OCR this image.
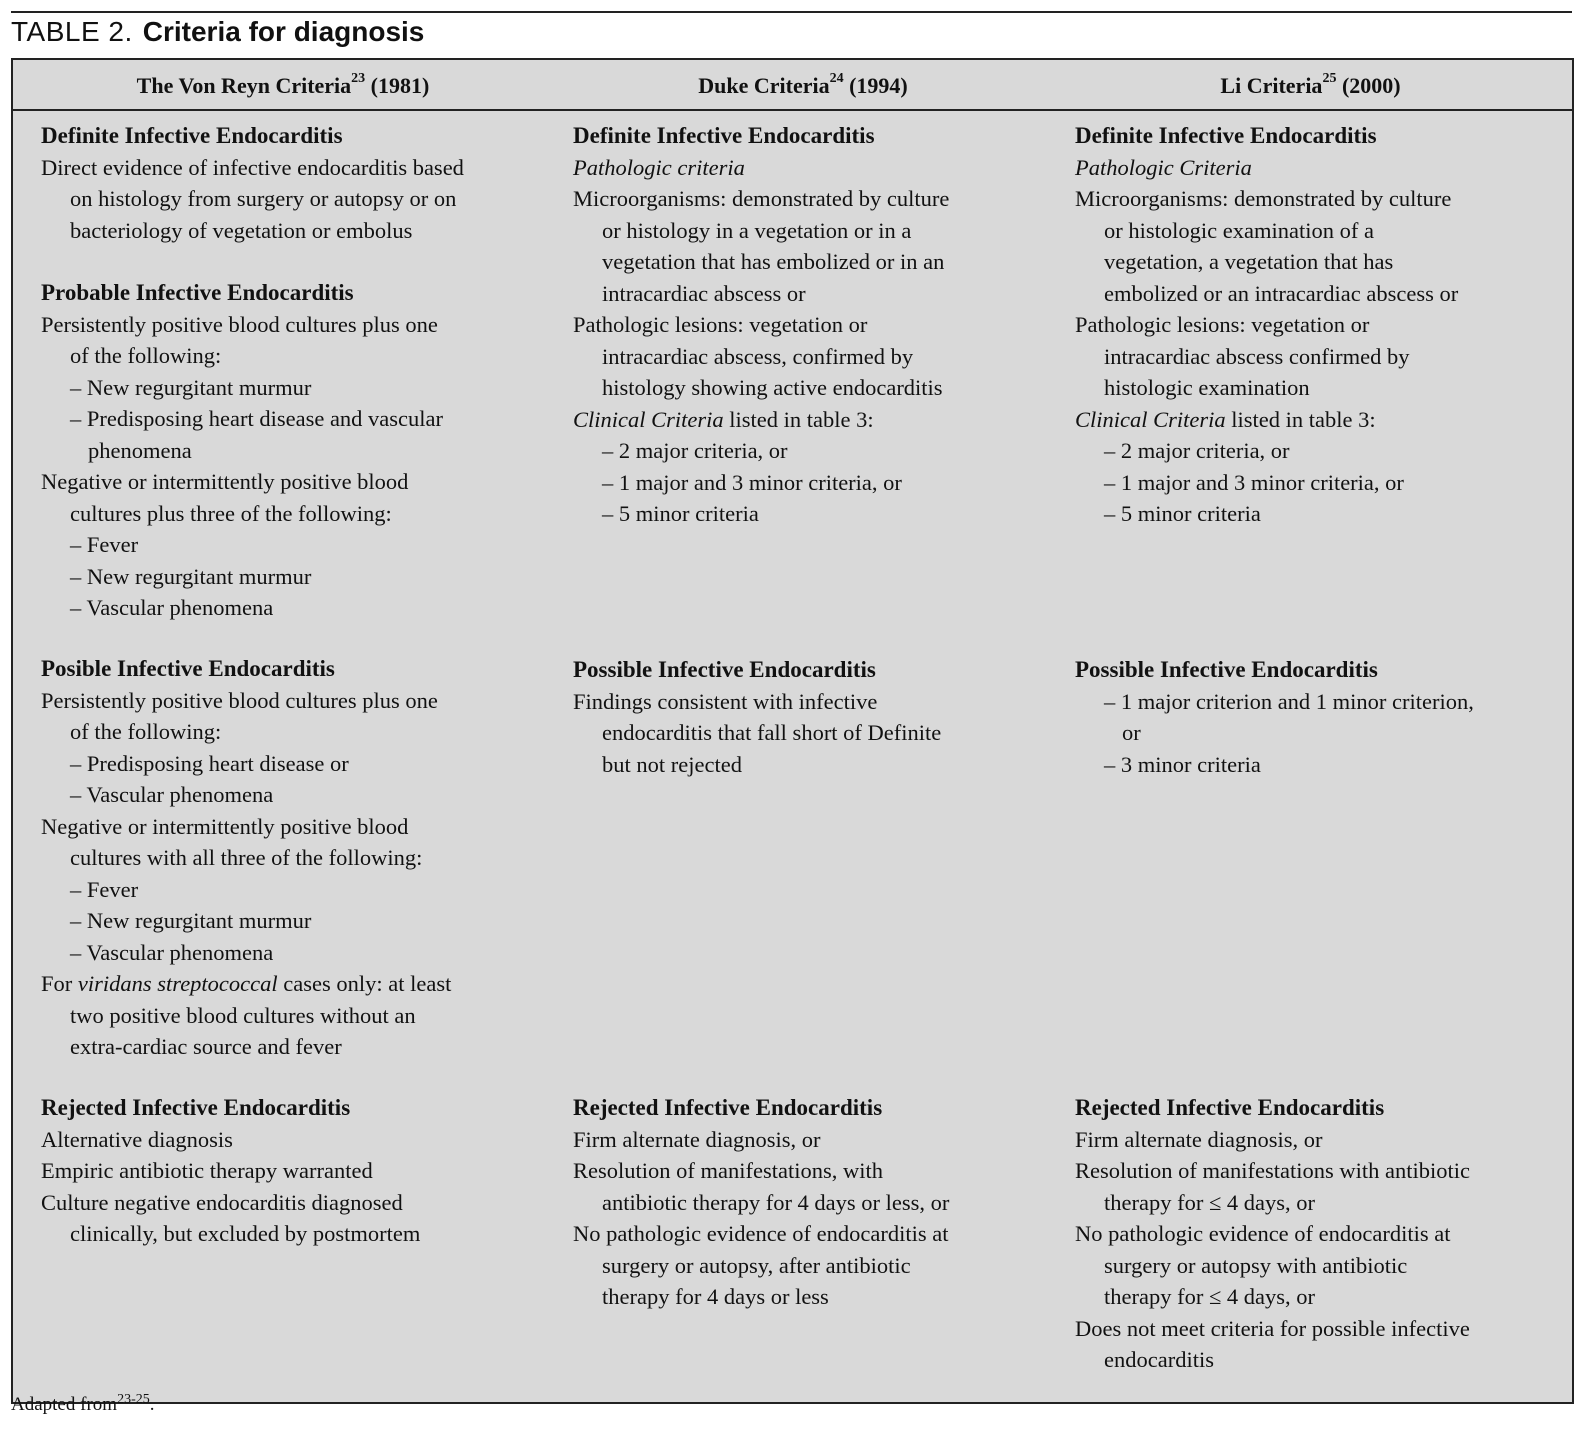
TABLE 2. Criteria for diagnosis
The Von Reyn Criteria$^{23}$ (1981)	Duke Criteria$^{24}$ (1994)	Li Criteria$^{25}$ (2000)
Definite Infective Endocarditis
Direct evidence of infective endocarditis based
on histology from surgery or autopsy or on
bacteriology of vegetation or embolus
Probable Infective Endocarditis
Persistently positive blood cultures plus one
of the following:
– New regurgitant murmur
– Predisposing heart disease and vascular
phenomena
Negative or intermittently positive blood
cultures plus three of the following:
– Fever
– New regurgitant murmur
– Vascular phenomena
Posible Infective Endocarditis
Persistently positive blood cultures plus one
of the following:
– Predisposing heart disease or
– Vascular phenomena
Negative or intermittently positive blood
cultures with all three of the following:
– Fever
– New regurgitant murmur
– Vascular phenomena
For viridans streptococcal cases only: at least
two positive blood cultures without an
extra-cardiac source and fever
Rejected Infective Endocarditis
Alternative diagnosis
Empiric antibiotic therapy warranted
Culture negative endocarditis diagnosed
clinically, but excluded by postmortem
Definite Infective Endocarditis
Pathologic criteria
Microorganisms: demonstrated by culture
or histology in a vegetation or in a
vegetation that has embolized or in an
intracardiac abscess or
Pathologic lesions: vegetation or
intracardiac abscess, confirmed by
histology showing active endocarditis
Clinical Criteria listed in table 3:
– 2 major criteria, or
– 1 major and 3 minor criteria, or
– 5 minor criteria
Possible Infective Endocarditis
Findings consistent with infective
endocarditis that fall short of Definite
but not rejected
Rejected Infective Endocarditis
Firm alternate diagnosis, or
Resolution of manifestations, with
antibiotic therapy for 4 days or less, or
No pathologic evidence of endocarditis at
surgery or autopsy, after antibiotic
therapy for 4 days or less
Definite Infective Endocarditis
Pathologic Criteria
Microorganisms: demonstrated by culture
or histologic examination of a
vegetation, a vegetation that has
embolized or an intracardiac abscess or
Pathologic lesions: vegetation or
intracardiac abscess confirmed by
histologic examination
Clinical Criteria listed in table 3:
– 2 major criteria, or
– 1 major and 3 minor criteria, or
– 5 minor criteria
Possible Infective Endocarditis
– 1 major criterion and 1 minor criterion,
or
– 3 minor criteria
Rejected Infective Endocarditis
Firm alternate diagnosis, or
Resolution of manifestations with antibiotic
therapy for ≤ 4 days, or
No pathologic evidence of endocarditis at
surgery or autopsy with antibiotic
therapy for ≤ 4 days, or
Does not meet criteria for possible infective
endocarditis
Adapted from$^{23-25}$.
